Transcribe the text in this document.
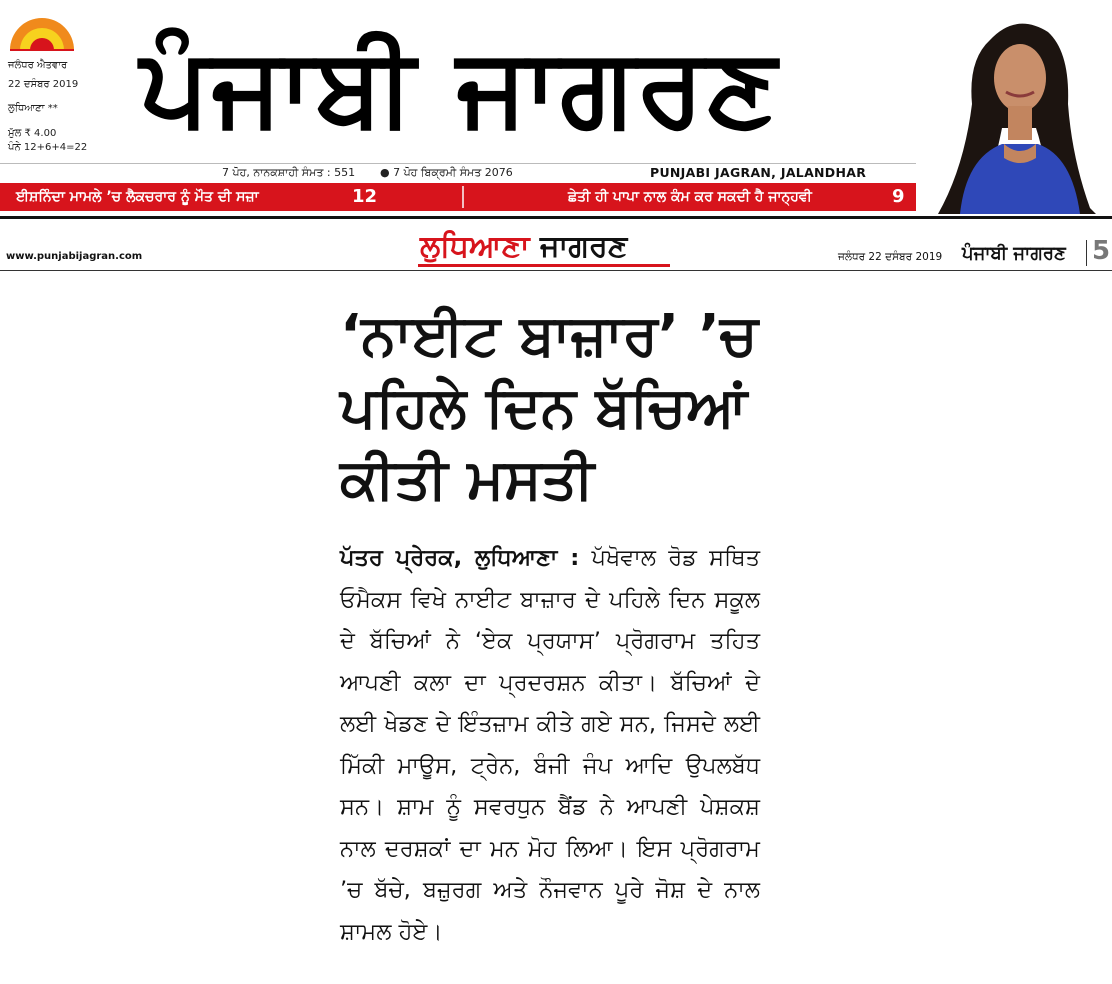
ਜਲੰਧਰ ਐਤਵਾਰ
22 ਦਸੰਬਰ 2019
ਲੁਧਿਆਣਾ **
ਮੁੱਲ ₹ 4.00
ਪੰਨੇ 12+6+4=22 ਪੰਜਾਬੀ ਜਾਗਰਣ
7 ਪੋਹ, ਨਾਨਕਸ਼ਾਹੀ ਸੰਮਤ : 551 ● 7 ਪੋਹ ਬਿਕ੍ਰਮੀ ਸੰਮਤ 2076	PUNJABI JAGRAN, JALANDHAR
ਈਸ਼ਨਿੰਦਾ ਮਾਮਲੇ ’ਚ ਲੈਕਚਰਾਰ ਨੂੰ ਮੌਤ ਦੀ ਸਜ਼ਾ	12	ਛੇਤੀ ਹੀ ਪਾਪਾ ਨਾਲ ਕੰਮ ਕਰ ਸਕਦੀ ਹੈ ਜਾਨ੍ਹਵੀ	9
www.punjabijagran.com	ਲੁਧਿਆਣਾ ਜਾਗਰਣ	ਜਲੰਧਰ 22 ਦਸੰਬਰ 2019 ਪੰਜਾਬੀ ਜਾਗਰਣ 5
‘ਨਾਈਟ ਬਾਜ਼ਾਰ’ ’ਚ ਪਹਿਲੇ ਦਿਨ ਬੱਚਿਆਂ ਕੀਤੀ ਮਸਤੀ
ਪੱਤਰ ਪ੍ਰੇਰਕ, ਲੁਧਿਆਣਾ : ਪੱਖੋਵਾਲ ਰੋਡ ਸਥਿਤ ਓਮੈਕਸ ਵਿਖੇ ਨਾਈਟ ਬਾਜ਼ਾਰ ਦੇ ਪਹਿਲੇ ਦਿਨ ਸਕੂਲ ਦੇ ਬੱਚਿਆਂ ਨੇ ‘ਏਕ ਪ੍ਰਯਾਸ’ ਪ੍ਰੋਗਰਾਮ ਤਹਿਤ ਆਪਣੀ ਕਲਾ ਦਾ ਪ੍ਰਦਰਸ਼ਨ ਕੀਤਾ। ਬੱਚਿਆਂ ਦੇ ਲਈ ਖੇਡਣ ਦੇ ਇੰਤਜ਼ਾਮ ਕੀਤੇ ਗਏ ਸਨ, ਜਿਸਦੇ ਲਈ ਮਿੱਕੀ ਮਾਊਸ, ਟ੍ਰੇਨ, ਬੰਜੀ ਜੰਪ ਆਦਿ ਉਪਲਬੱਧ ਸਨ। ਸ਼ਾਮ ਨੂੰ ਸਵਰਧੁਨ ਬੈਂਡ ਨੇ ਆਪਣੀ ਪੇਸ਼ਕਸ਼ ਨਾਲ ਦਰਸ਼ਕਾਂ ਦਾ ਮਨ ਮੋਹ ਲਿਆ। ਇਸ ਪ੍ਰੋਗਰਾਮ ’ਚ ਬੱਚੇ, ਬਜ਼ੁਰਗ ਅਤੇ ਨੌਜਵਾਨ ਪੂਰੇ ਜੋਸ਼ ਦੇ ਨਾਲ ਸ਼ਾਮਲ ਹੋਏ।
